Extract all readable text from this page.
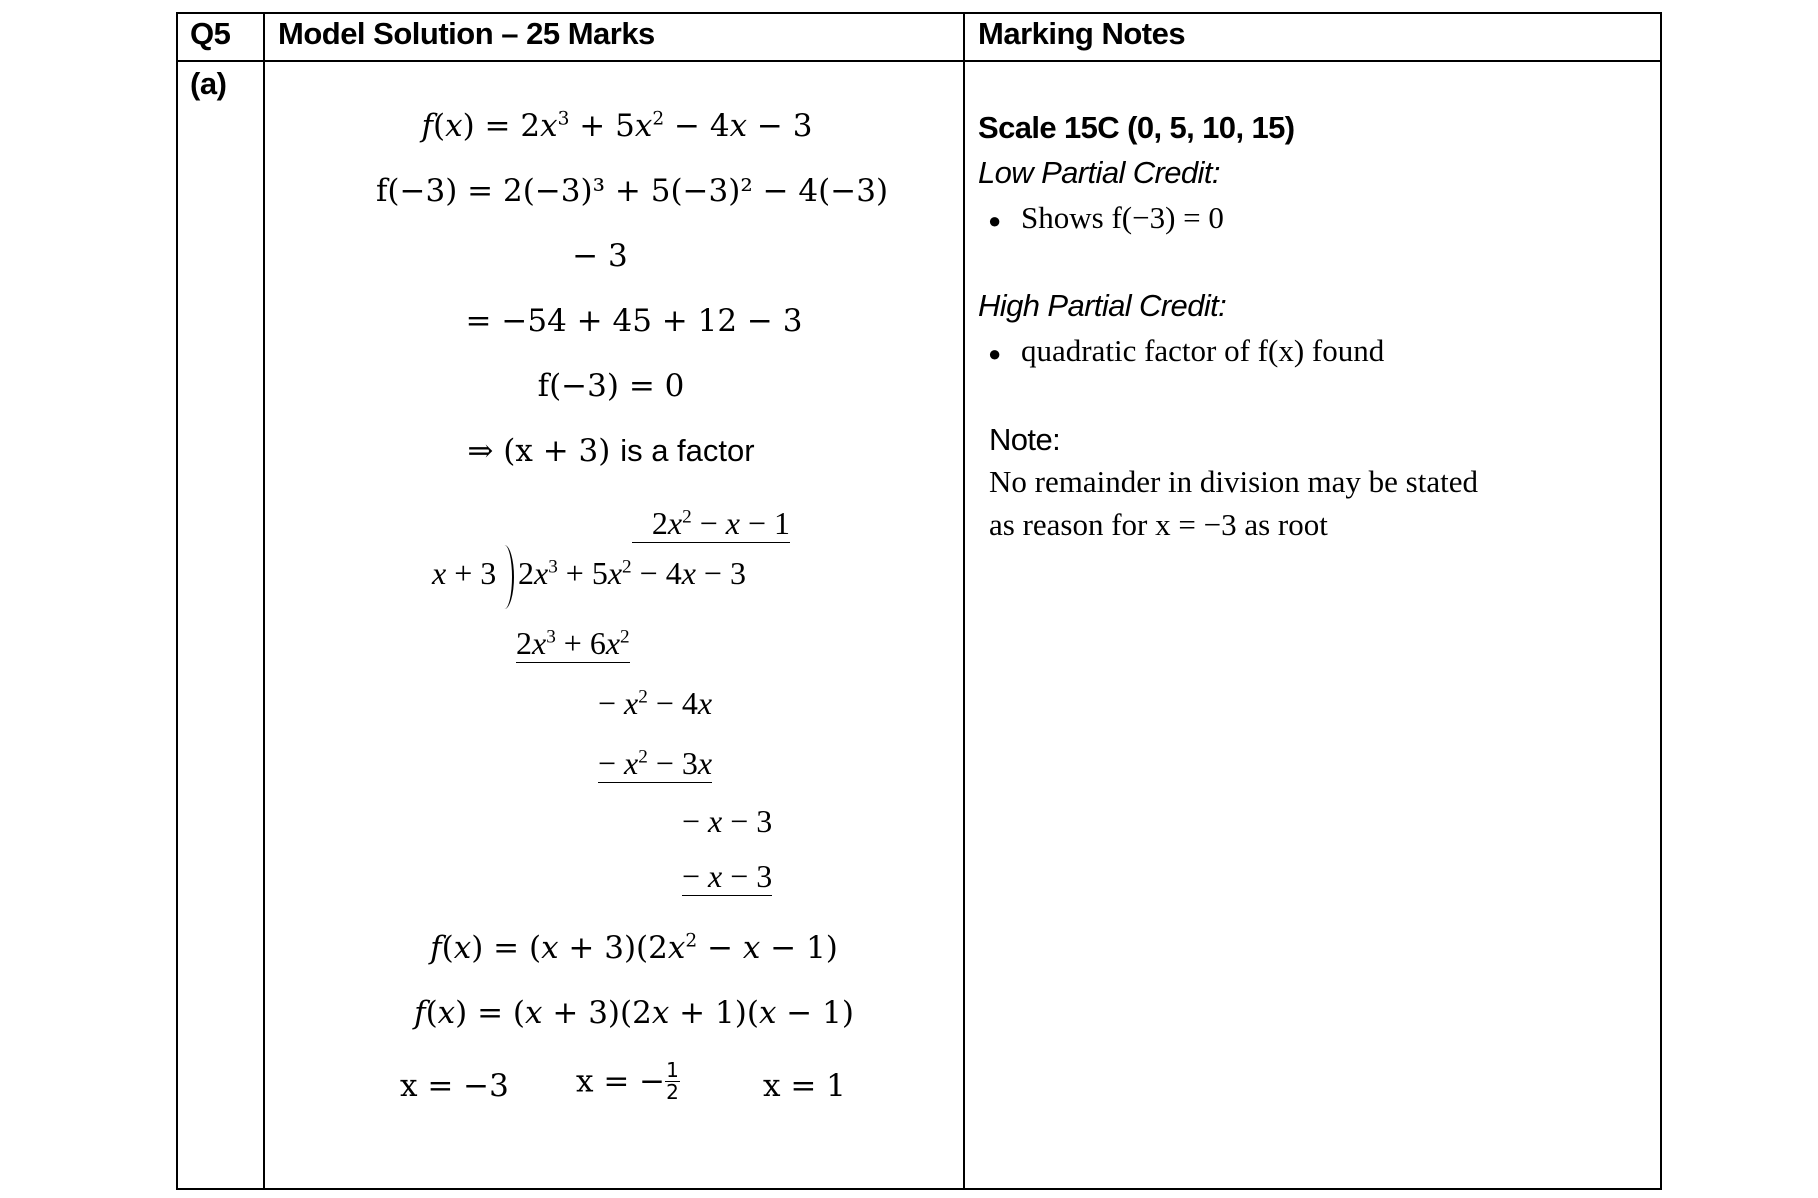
Q5 Model Solution – 25 Marks	Marking Notes
(a)
$f(x) = 2x^3 + 5x^2 - 4x - 3$
f(−3) = 2(−3)³ + 5(−3)² − 4(−3)
− 3
= −54 + 45 + 12 − 3
f(−3) = 0
⇒ (x + 3) is a factor
$2x^2 - x - 1$
x + 3 $2x^3 + 5x^2 - 4x - 3$
$2x^3 + 6x^2$
− $x^2 - 4x$
− $x^2 - 3x$
− x − 3
− x − 3
$f(x) = (x + 3)(2x^2 - x - 1)$
f(x) = (x + 3)(2x + 1)(x − 1)
x = −3 x = − $\frac{1}{2}$	x = 1
Scale 15C (0, 5, 10, 15)
Low Partial Credit:
● Shows f(−3) = 0
High Partial Credit:
● quadratic factor of f(x) found
Note:
No remainder in division may be stated
as reason for x = −3 as root
